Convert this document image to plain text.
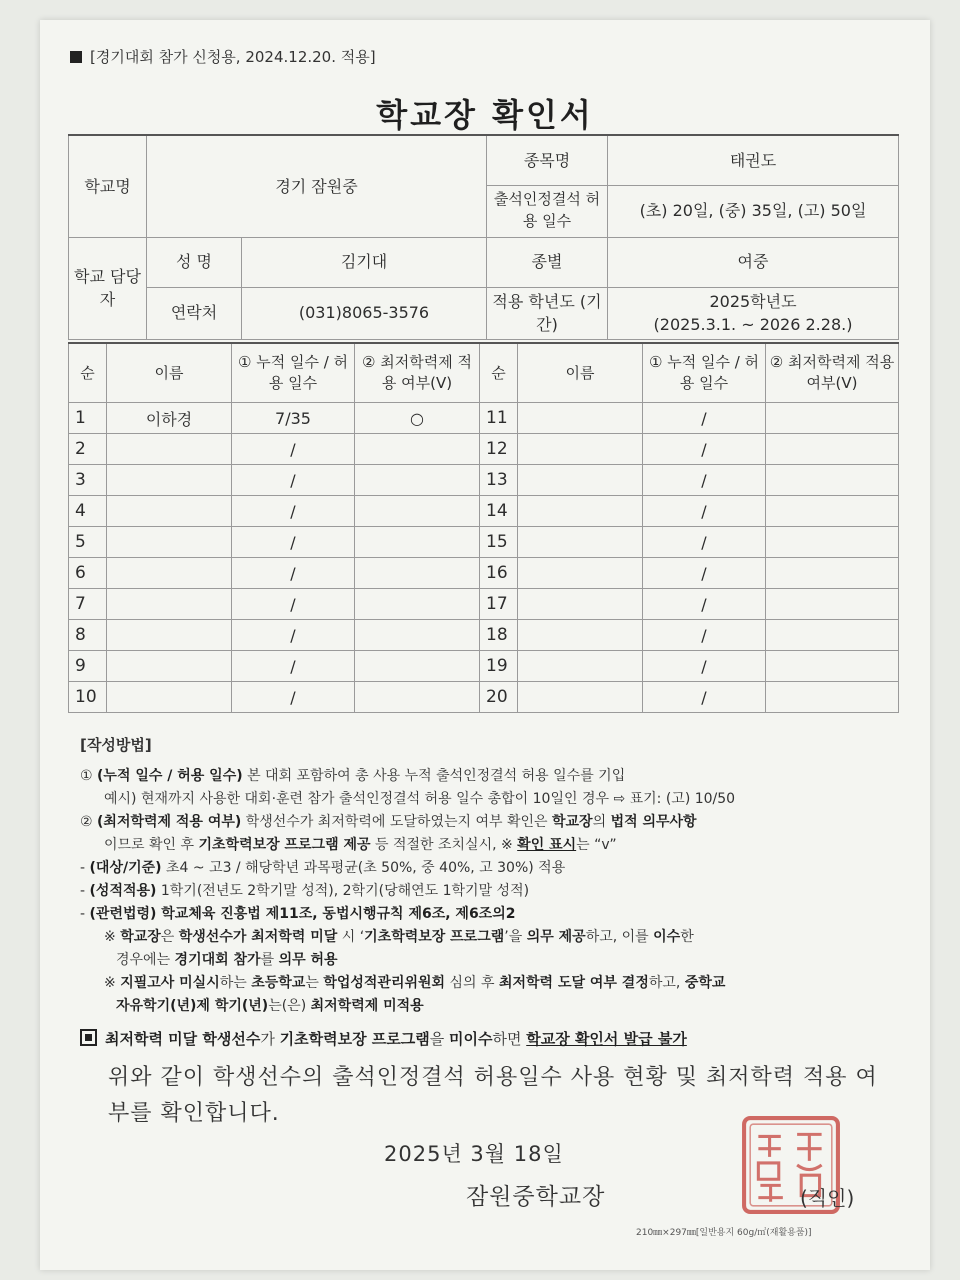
[경기대회 참가 신청용, 2024.12.20. 적용]
학교장 확인서
학교명	경기 잠원중		종목명	태권도
			출석인정결석 허용 일수	(초) 20일, (중) 35일, (고) 50일
학교 담당자	성 명	김기대	종별	여중
	연락처	(031)8065-3576	적용 학년도 (기간)	2025학년도
(2025.3.1. ~ 2026 2.28.)
순	이름	① 누적 일수 / 허용 일수	② 최저학력제 적용 여부(V)	순	이름	① 누적 일수 / 허용 일수	② 최저학력제 적용 여부(V)
1	이하경	7/35	○	11		/	
2		/		12		/	
3		/		13		/	
4		/		14		/	
5		/		15		/	
6		/		16		/	
7		/		17		/	
8		/		18		/	
9		/		19		/	
10		/		20		/	
[작성방법]
① (누적 일수 / 허용 일수) 본 대회 포함하여 총 사용 누적 출석인정결석 허용 일수를 기입
예시) 현재까지 사용한 대회·훈련 참가 출석인정결석 허용 일수 총합이 10일인 경우 ⇨ 표기: (고) 10/50
② (최저학력제 적용 여부) 학생선수가 최저학력에 도달하였는지 여부 확인은 학교장의 법적 의무사항
이므로 확인 후 기초학력보장 프로그램 제공 등 적절한 조치실시, ※ 확인 표시는 “v”
- (대상/기준) 초4 ~ 고3 / 해당학년 과목평균(초 50%, 중 40%, 고 30%) 적용
- (성적적용) 1학기(전년도 2학기말 성적), 2학기(당해연도 1학기말 성적)
- (관련법령) 학교체육 진흥법 제11조, 동법시행규칙 제6조, 제6조의2
※ 학교장은 학생선수가 최저학력 미달 시 ‘기초학력보장 프로그램’을 의무 제공하고, 이를 이수한
경우에는 경기대회 참가를 의무 허용
※ 지필고사 미실시하는 초등학교는 학업성적관리위원회 심의 후 최저학력 도달 여부 결정하고, 중학교
자유학기(년)제 학기(년)는(은) 최저학력제 미적용
최저학력 미달 학생선수가 기초학력보장 프로그램을 미이수하면 학교장 확인서 발급 불가
위와 같이 학생선수의 출석인정결석 허용일수 사용 현황 및 최저학력 적용 여부를 확인합니다.
2025년 3월 18일
잠원중학교장	(직인)
210㎜×297㎜[일반용지 60g/㎡(재활용품)]
